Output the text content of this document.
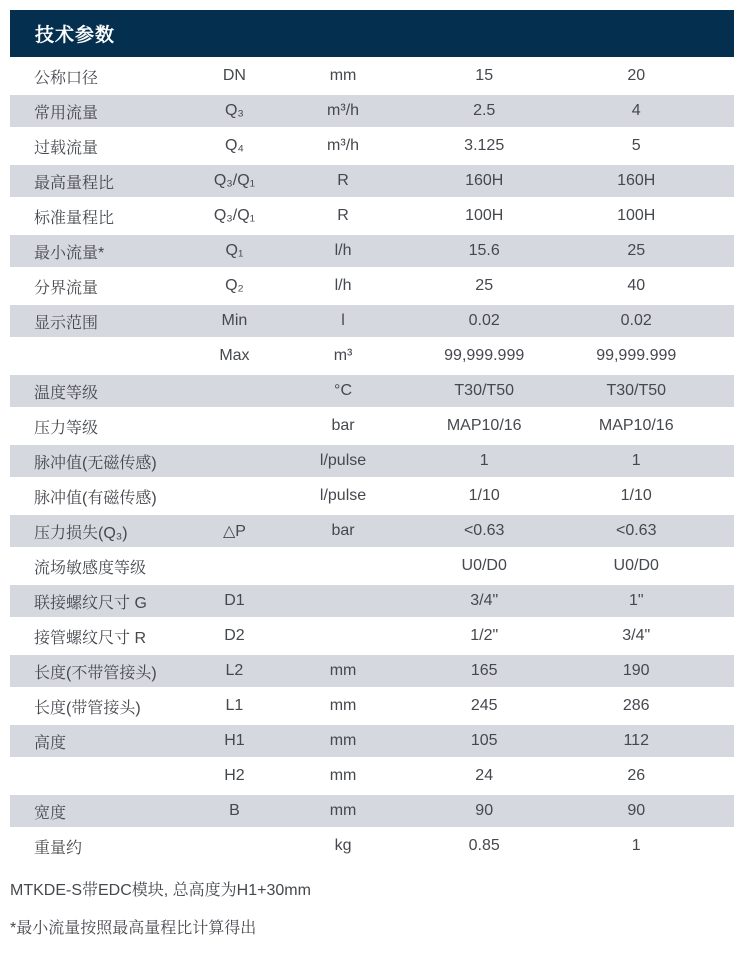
技术参数
公称口径	DN	mm	15	20
常用流量	Q₃	m³/h	2.5	4
过载流量	Q₄	m³/h	3.125	5
最高量程比	Q₃/Q₁	R	160H	160H
标准量程比	Q₃/Q₁	R	100H	100H
最小流量*	Q₁	l/h	15.6	25
分界流量	Q₂	l/h	25	40
显示范围	Min	l	0.02	0.02
Max	m³	99,999.999	99,999.999
温度等级	°C	T30/T50	T30/T50
压力等级	bar	MAP10/16	MAP10/16
脉冲值(无磁传感)	l/pulse	1	1
脉冲值(有磁传感)	l/pulse	1/10	1/10
压力损失(Q₃)	△P	bar	<0.63	<0.63
流场敏感度等级	U0/D0	U0/D0
联接螺纹尺寸 G	D1	3/4"	1"
接管螺纹尺寸 R	D2	1/2"	3/4"
长度(不带管接头)	L2	mm	165	190
长度(带管接头)	L1	mm	245	286
高度	H1	mm	105	112
H2	mm	24	26
宽度	B	mm	90	90
重量约	kg	0.85	1
MTKDE-S带EDC模块, 总高度为H1+30mm
*最小流量按照最高量程比计算得出
